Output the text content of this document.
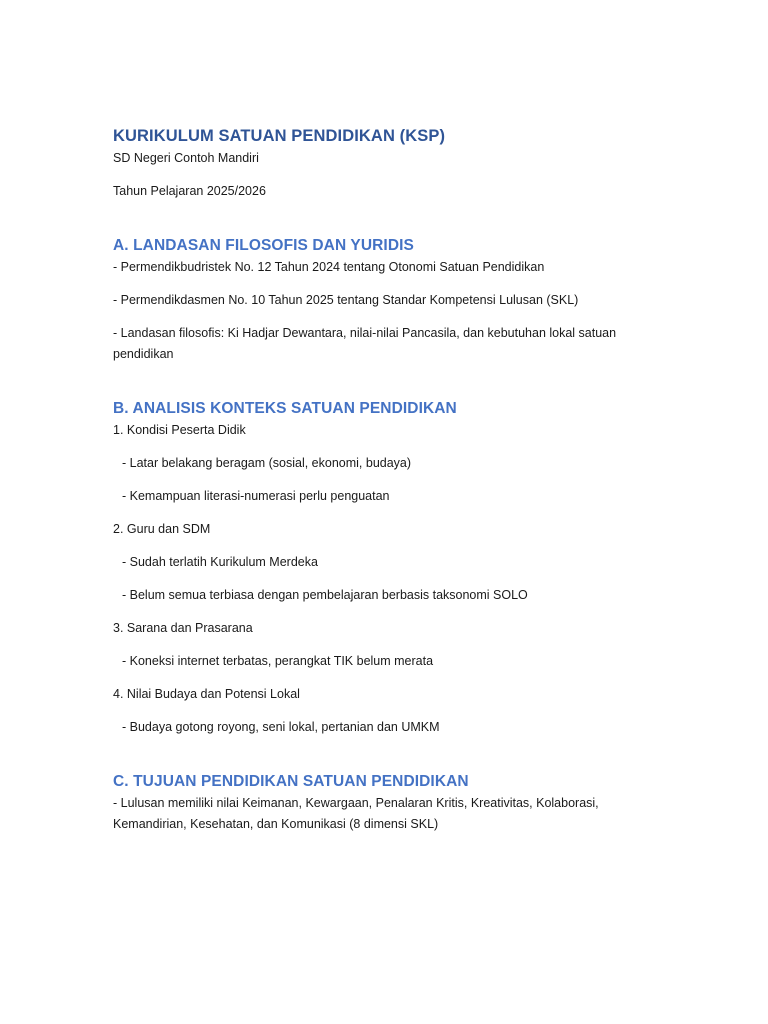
KURIKULUM SATUAN PENDIDIKAN (KSP)

SD Negeri Contoh Mandiri

Tahun Pelajaran 2025/2026

A. LANDASAN FILOSOFIS DAN YURIDIS

- Permendikbudristek No. 12 Tahun 2024 tentang Otonomi Satuan Pendidikan

- Permendikdasmen No. 10 Tahun 2025 tentang Standar Kompetensi Lulusan (SKL)

- Landasan filosofis: Ki Hadjar Dewantara, nilai-nilai Pancasila, dan kebutuhan lokal satuan pendidikan

B. ANALISIS KONTEKS SATUAN PENDIDIKAN

1. Kondisi Peserta Didik

- Latar belakang beragam (sosial, ekonomi, budaya)

- Kemampuan literasi-numerasi perlu penguatan

2. Guru dan SDM

- Sudah terlatih Kurikulum Merdeka

- Belum semua terbiasa dengan pembelajaran berbasis taksonomi SOLO

3. Sarana dan Prasarana

- Koneksi internet terbatas, perangkat TIK belum merata

4. Nilai Budaya dan Potensi Lokal

- Budaya gotong royong, seni lokal, pertanian dan UMKM

C. TUJUAN PENDIDIKAN SATUAN PENDIDIKAN

- Lulusan memiliki nilai Keimanan, Kewargaan, Penalaran Kritis, Kreativitas, Kolaborasi, Kemandirian, Kesehatan, dan Komunikasi (8 dimensi SKL)
